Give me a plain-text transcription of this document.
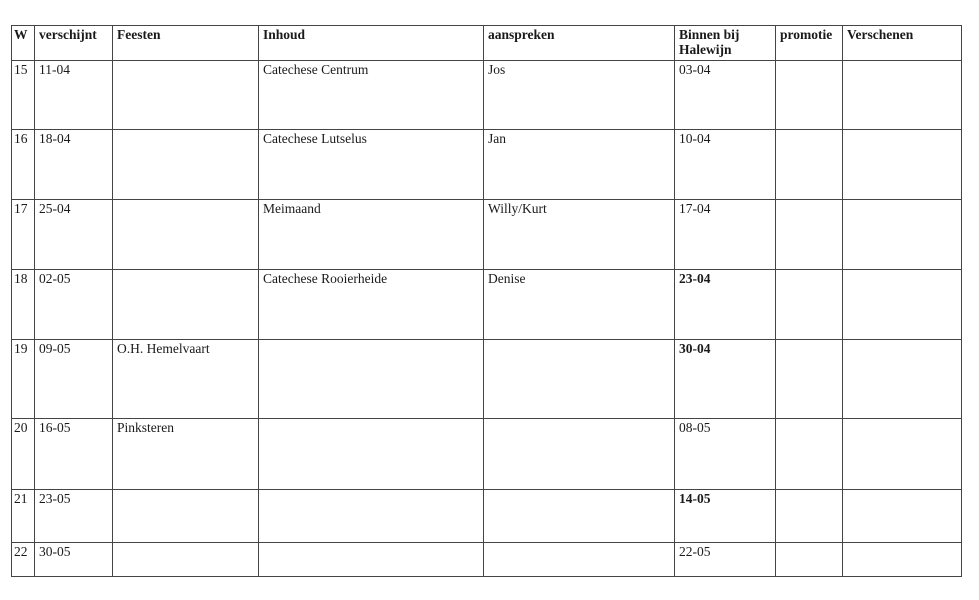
W	verschijnt	Feesten	Inhoud	aanspreken	Binnen bij Halewijn	promotie	Verschenen
15	11-04		Catechese Centrum	Jos	03-04		
16	18-04		Catechese Lutselus	Jan	10-04		
17	25-04		Meimaand	Willy/Kurt	17-04		
18	02-05		Catechese Rooierheide	Denise	23-04		
19	09-05	O.H. Hemelvaart			30-04		
20	16-05	Pinksteren			08-05		
21	23-05				14-05		
22	30-05				22-05		
